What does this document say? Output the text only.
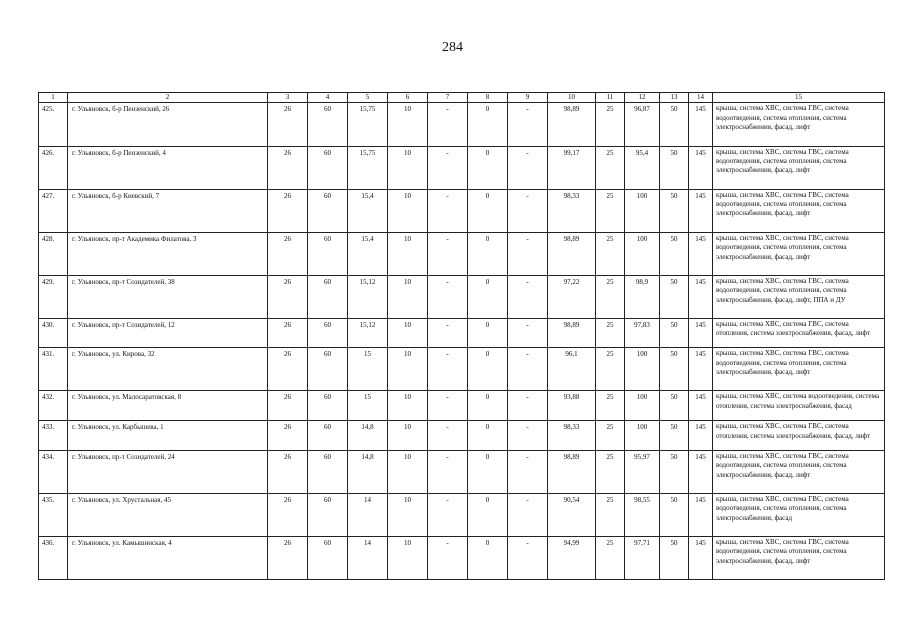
284
1	2	3	4	5	6	7	8	9	10	11	12	13	14	15
425.	г. Ульяновск, б-р Пензенский, 26	26	60	15,75	10	-	0	-	98,89	25	96,87	50	145	крыша, система ХВС, система ГВС, система водоотведения, система отопления, система электроснабжения, фасад, лифт
426.	г. Ульяновск, б-р Пензенский, 4	26	60	15,75	10	-	0	-	99,17	25	95,4	50	145	крыша, система ХВС, система ГВС, система водоотведения, система отопления, система электроснабжения, фасад, лифт
427.	г. Ульяновск, б-р Киевский, 7	26	60	15,4	10	-	0	-	98,33	25	100	50	145	крыша, система ХВС, система ГВС, система водоотведения, система отопления, система электроснабжения, фасад, лифт
428.	г. Ульяновск, пр-т Академика Филатова, 3	26	60	15,4	10	-	0	-	98,89	25	100	50	145	крыша, система ХВС, система ГВС, система водоотведения, система отопления, система электроснабжения, фасад, лифт
429.	г. Ульяновск, пр-т Созидателей, 38	26	60	15,12	10	-	0	-	97,22	25	98,9	50	145	крыша, система ХВС, система ГВС, система водоотведения, система отопления, система электроснабжения, фасад, лифт, ППА и ДУ
430.	г. Ульяновск, пр-т Созидателей, 12	26	60	15,12	10	-	0	-	98,89	25	97,83	50	145	крыша, система ХВС, система ГВС, система отопления, система электроснабжения, фасад, лифт
431.	г. Ульяновск, ул. Кирова, 32	26	60	15	10	-	0	-	96,1	25	100	50	145	крыша, система ХВС, система ГВС, система водоотведения, система отопления, система электроснабжения, фасад, лифт
432.	г. Ульяновск, ул. Малосаратовская, 8	26	60	15	10	-	0	-	93,88	25	100	50	145	крыша, система ХВС, система водоотведения, система отопления, система электроснабжения, фасад
433.	г. Ульяновск, ул. Карбышева, 1	26	60	14,8	10	-	0	-	98,33	25	100	50	145	крыша, система ХВС, система ГВС, система отопления, система электроснабжения, фасад, лифт
434.	г. Ульяновск, пр-т Созидателей, 24	26	60	14,8	10	-	0	-	98,89	25	95,97	50	145	крыша, система ХВС, система ГВС, система водоотведения, система отопления, система электроснабжения, фасад, лифт
435.	г. Ульяновск, ул. Хрустальная, 45	26	60	14	10	-	0	-	90,54	25	98,55	50	145	крыша, система ХВС, система ГВС, система водоотведения, система отопления, система электроснабжения, фасад
436.	г. Ульяновск, ул. Камышинская, 4	26	60	14	10	-	0	-	94,99	25	97,71	50	145	крыша, система ХВС, система ГВС, система водоотведения, система отопления, система электроснабжения, фасад, лифт
